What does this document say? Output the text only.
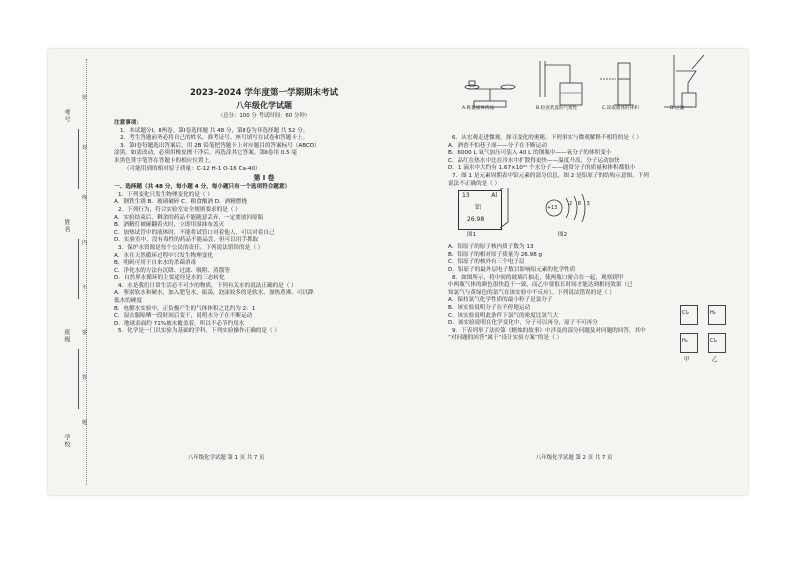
考号
姓名
班级
学校
密
封
线
内
不
要
答
题
2023–2024 学年度第一学期期末考试
八年级化学试题
（总分：100 分 考试时间：60 分钟）

注意事项：

1．本试题分Ⅰ、Ⅱ两卷。第Ⅰ卷选择题 共 48 分，第Ⅱ卷为非选择题 共 52 分。

2．考生答题前务必将自己的姓名、准考证号、座号填写在试卷和答题卡上。

3．第Ⅰ卷每题选出答案后，用 2B 铅笔把答题卡上对应题目的答案标号（ABCD）

涂黑。如需改动，必须用橡皮擦干净后，再选涂其它答案。第Ⅱ卷用 0.5 毫

米黑色签字笔答在答题卡的相应位置上。

（可能用到的相对原子质量：C-12 H-1 O-16 Ca-40）

第 Ⅰ 卷

一、选择题（共 48 分，每小题 4 分，每小题只有一个选项符合题意）

1．下列变化只发生物理变化的是（ ）

A．钢铁生锈 B．玻璃破碎 C．粮食酿酒 D．酒精燃烧

2．下列行为，符合实验室安全规则要求的是（ ）

A．实验结束后，剩余的药品不能随意丢弃，一定要放回原瓶

B．酒精灯被碰翻着火时，立即用湿抹布盖灭

C．加热试管中的液体时，不能将试管口对着他人，可以对着自己

D．实验室中，没有毒性的药品不能品尝，但可以用手抓取

3．保护水资源是每个公民的责任。下列说法错误的是（ ）

A．水在天然循环过程中只发生物理变化

B．明矾可用于自来水的杀菌消毒

C．净化水的方法有沉降、过滤、吸附、蒸馏等

D．自然界水循环的主要途径是水的三态转化

4．水是我们日常生活必不可少的物质，下列有关水的说法正确的是（ ）

A．鉴别软水和硬水，加入肥皂水，振荡，泡沫较多的是软水，加热煮沸，可以降

低水的硬度

B．电解水实验中，正负极产生的气体体积之比约为 2：1

C．湿衣服晾晒一段时间后变干，说明水分子在不断运动

D．地球表面约 71%被水覆盖着，所以不必节约用水

5．化学是一门以实验为基础的学科，下列实验操作正确的是（ ）

八年级化学试题 第 1 页 共 7 页
A.称量固体药品	B.检查装置的气密性	C.读取液体的体积	D.过滤

6．从宏观走进微观，探寻变化的奥秘。下列事实与微观解释不相符的是（ ）

A．酒香不怕巷子深——分子在不断运动

B．6000 L 氧气加压可装入 40 L 的钢瓶中——氧分子的体积变小

C．品红在热水中比在冷水中扩散得更快——温度升高，分子运动加快

D．1 滴水中大约有 1.67×10²¹ 个水分子——通常分子的质量和体积都很小

7．图 1 是元素周期表中铝元素的部分信息，图 2 是铝原子的结构示意图。下列

说法不正确的是（ ）

13	Al
铝
26.98
图1
+13
2 8 3
图2

A．铝原子的原子核内质子数为 13

B．铝原子的相对原子质量为 26.98 g

C．铝原子的核外有三个电子层

D．铝原子的最外层电子数目影响铝元素的化学性质

8．如图所示，将中间的玻璃片抽走，使两瓶口密合在一起，观察到甲

中两瓶气体的颜色很快趋于一致，而乙中要很长时间才能达到相同效果（已

知氯气与黄绿色的氯气在该实验中不反应）。下列说法错误的是（ ）

A．保持氯气化学性质的最小粒子是氯分子

B．该实验说明分子在不停地运动

C．该实验说明此条件下氯气的密度比氢气大

D．该实验说明在化学变化中，分子可以再分，原子不可再分

9．下表列举了法拉第《蜡烛的故事》中涉及的部分问题及对问题的回答，其中

“对问题的回答”属于“设计实验方案”的是（ ）

Cl₂
H₂
H₂
Cl₂
甲	乙
八年级化学试题 第 2 页 共 7 页
